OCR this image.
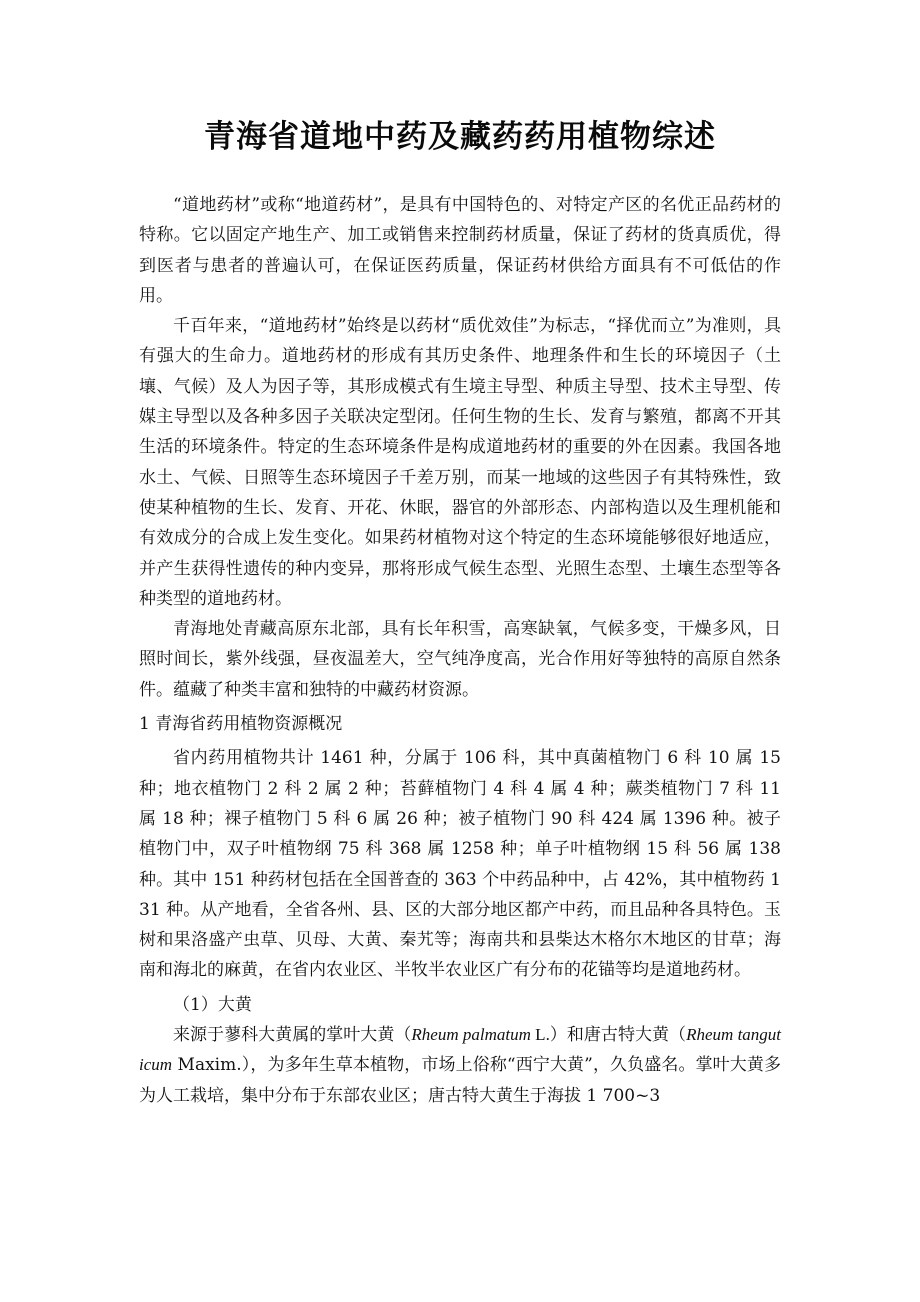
青海省道地中药及藏药药用植物综述

“道地药材”或称“地道药材”，是具有中国特色的、对特定产区的名优正品药材的特称。它以固定产地生产、加工或销售来控制药材质量，保证了药材的货真质优，得到医者与患者的普遍认可，在保证医药质量，保证药材供给方面具有不可低估的作用。

千百年来，“道地药材”始终是以药材“质优效佳”为标志，“择优而立”为准则，具有强大的生命力。道地药材的形成有其历史条件、地理条件和生长的环境因子（土壤、气候）及人为因子等，其形成模式有生境主导型、种质主导型、技术主导型、传媒主导型以及各种多因子关联决定型闭。任何生物的生长、发育与繁殖，都离不开其生活的环境条件。特定的生态环境条件是构成道地药材的重要的外在因素。我国各地水土、气候、日照等生态环境因子千差万别，而某一地域的这些因子有其特殊性，致使某种植物的生长、发育、开花、休眠，器官的外部形态、内部构造以及生理机能和有效成分的合成上发生变化。如果药材植物对这个特定的生态环境能够很好地适应，并产生获得性遗传的种内变异，那将形成气候生态型、光照生态型、土壤生态型等各种类型的道地药材。

青海地处青藏高原东北部，具有长年积雪，高寒缺氧，气候多变，干燥多风，日照时间长，紫外线强，昼夜温差大，空气纯净度高，光合作用好等独特的高原自然条件。蕴藏了种类丰富和独特的中藏药材资源。

1 青海省药用植物资源概况

省内药用植物共计 1461 种，分属于 106 科，其中真菌植物门 6 科 10 属 15 种；地衣植物门 2 科 2 属 2 种；苔藓植物门 4 科 4 属 4 种；蕨类植物门 7 科 11 属 18 种；裸子植物门 5 科 6 属 26 种；被子植物门 90 科 424 属 1396 种。被子植物门中，双子叶植物纲 75 科 368 属 1258 种；单子叶植物纲 15 科 56 属 138 种。其中 151 种药材包括在全国普查的 363 个中药品种中，占 42%，其中植物药 131 种。从产地看，全省各州、县、区的大部分地区都产中药，而且品种各具特色。玉树和果洛盛产虫草、贝母、大黄、秦艽等；海南共和县柴达木格尔木地区的甘草；海南和海北的麻黄，在省内农业区、半牧半农业区广有分布的花锚等均是道地药材。

（1）大黄

来源于蓼科大黄属的掌叶大黄（Rheum palmatum L.）和唐古特大黄（Rheum tanguticum Maxim.），为多年生草本植物，市场上俗称“西宁大黄”，久负盛名。掌叶大黄多为人工栽培，集中分布于东部农业区；唐古特大黄生于海拔 1 700~3
